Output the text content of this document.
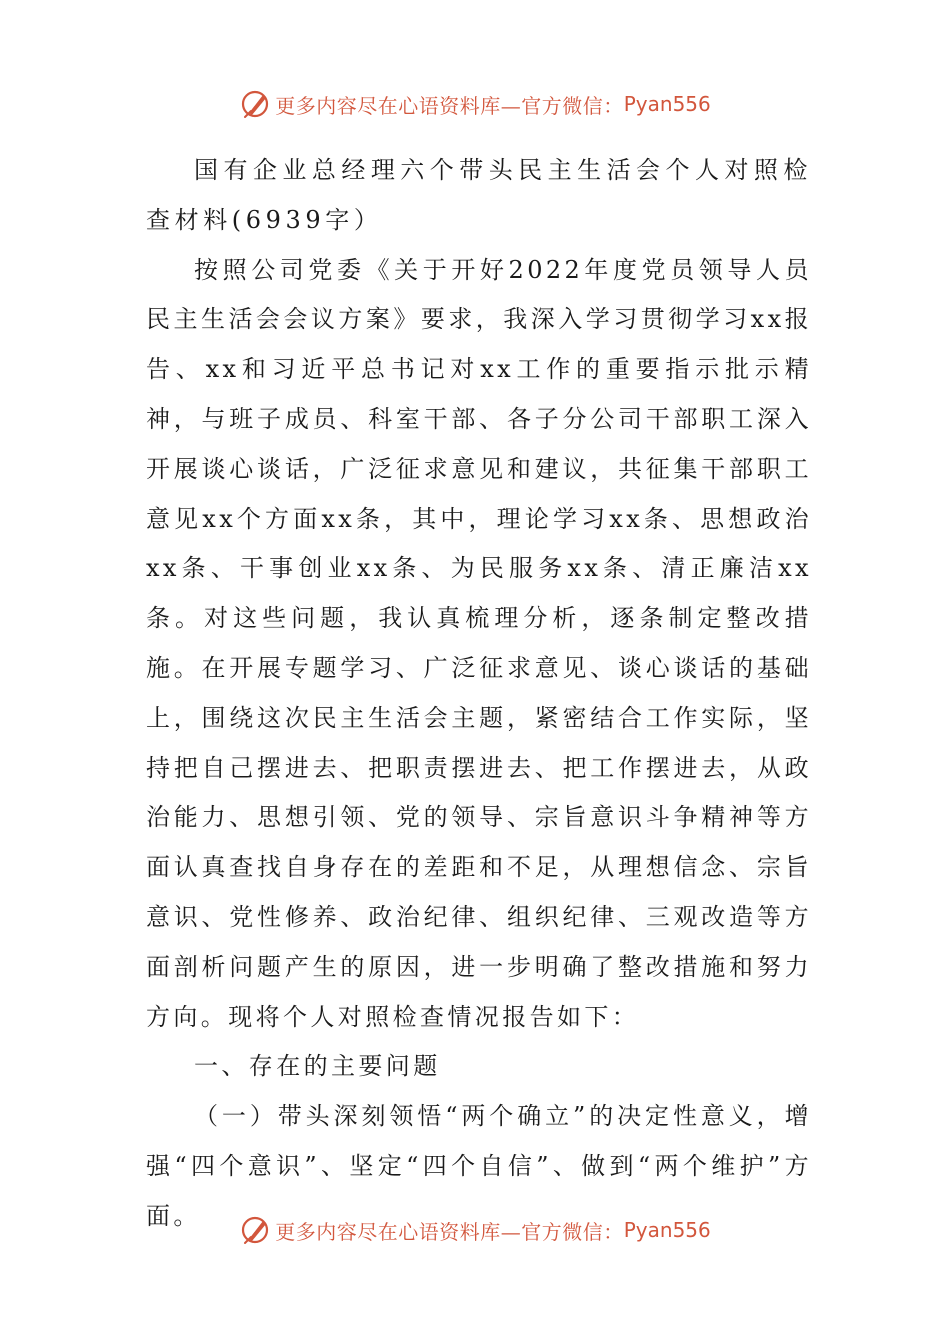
更多内容尽在心语资料库—官方微信： Pyan556

国有企业总经理六个带头民主生活会个人对照检查材料(6939字）

按照公司党委《关于开好2022年度党员领导人员民主生活会会议方案》要求，我深入学习贯彻学习xx报告、xx和习近平总书记对xx工作的重要指示批示精神，与班子成员、科室干部、各子分公司干部职工深入开展谈心谈话，广泛征求意见和建议，共征集干部职工意见xx个方面xx条，其中，理论学习xx条、思想政治xx条、干事创业xx条、为民服务xx条、清正廉洁xx条。对这些问题，我认真梳理分析，逐条制定整改措施。在开展专题学习、广泛征求意见、谈心谈话的基础上，围绕这次民主生活会主题，紧密结合工作实际，坚持把自己摆进去、把职责摆进去、把工作摆进去，从政治能力、思想引领、党的领导、宗旨意识斗争精神等方面认真查找自身存在的差距和不足，从理想信念、宗旨意识、党性修养、政治纪律、组织纪律、三观改造等方面剖析问题产生的原因，进一步明确了整改措施和努力方向。现将个人对照检查情况报告如下：

一、存在的主要问题

（一）带头深刻领悟“两个确立”的决定性意义，增强“四个意识”、坚定“四个自信”、做到“两个维护”方面。

更多内容尽在心语资料库—官方微信： Pyan556
